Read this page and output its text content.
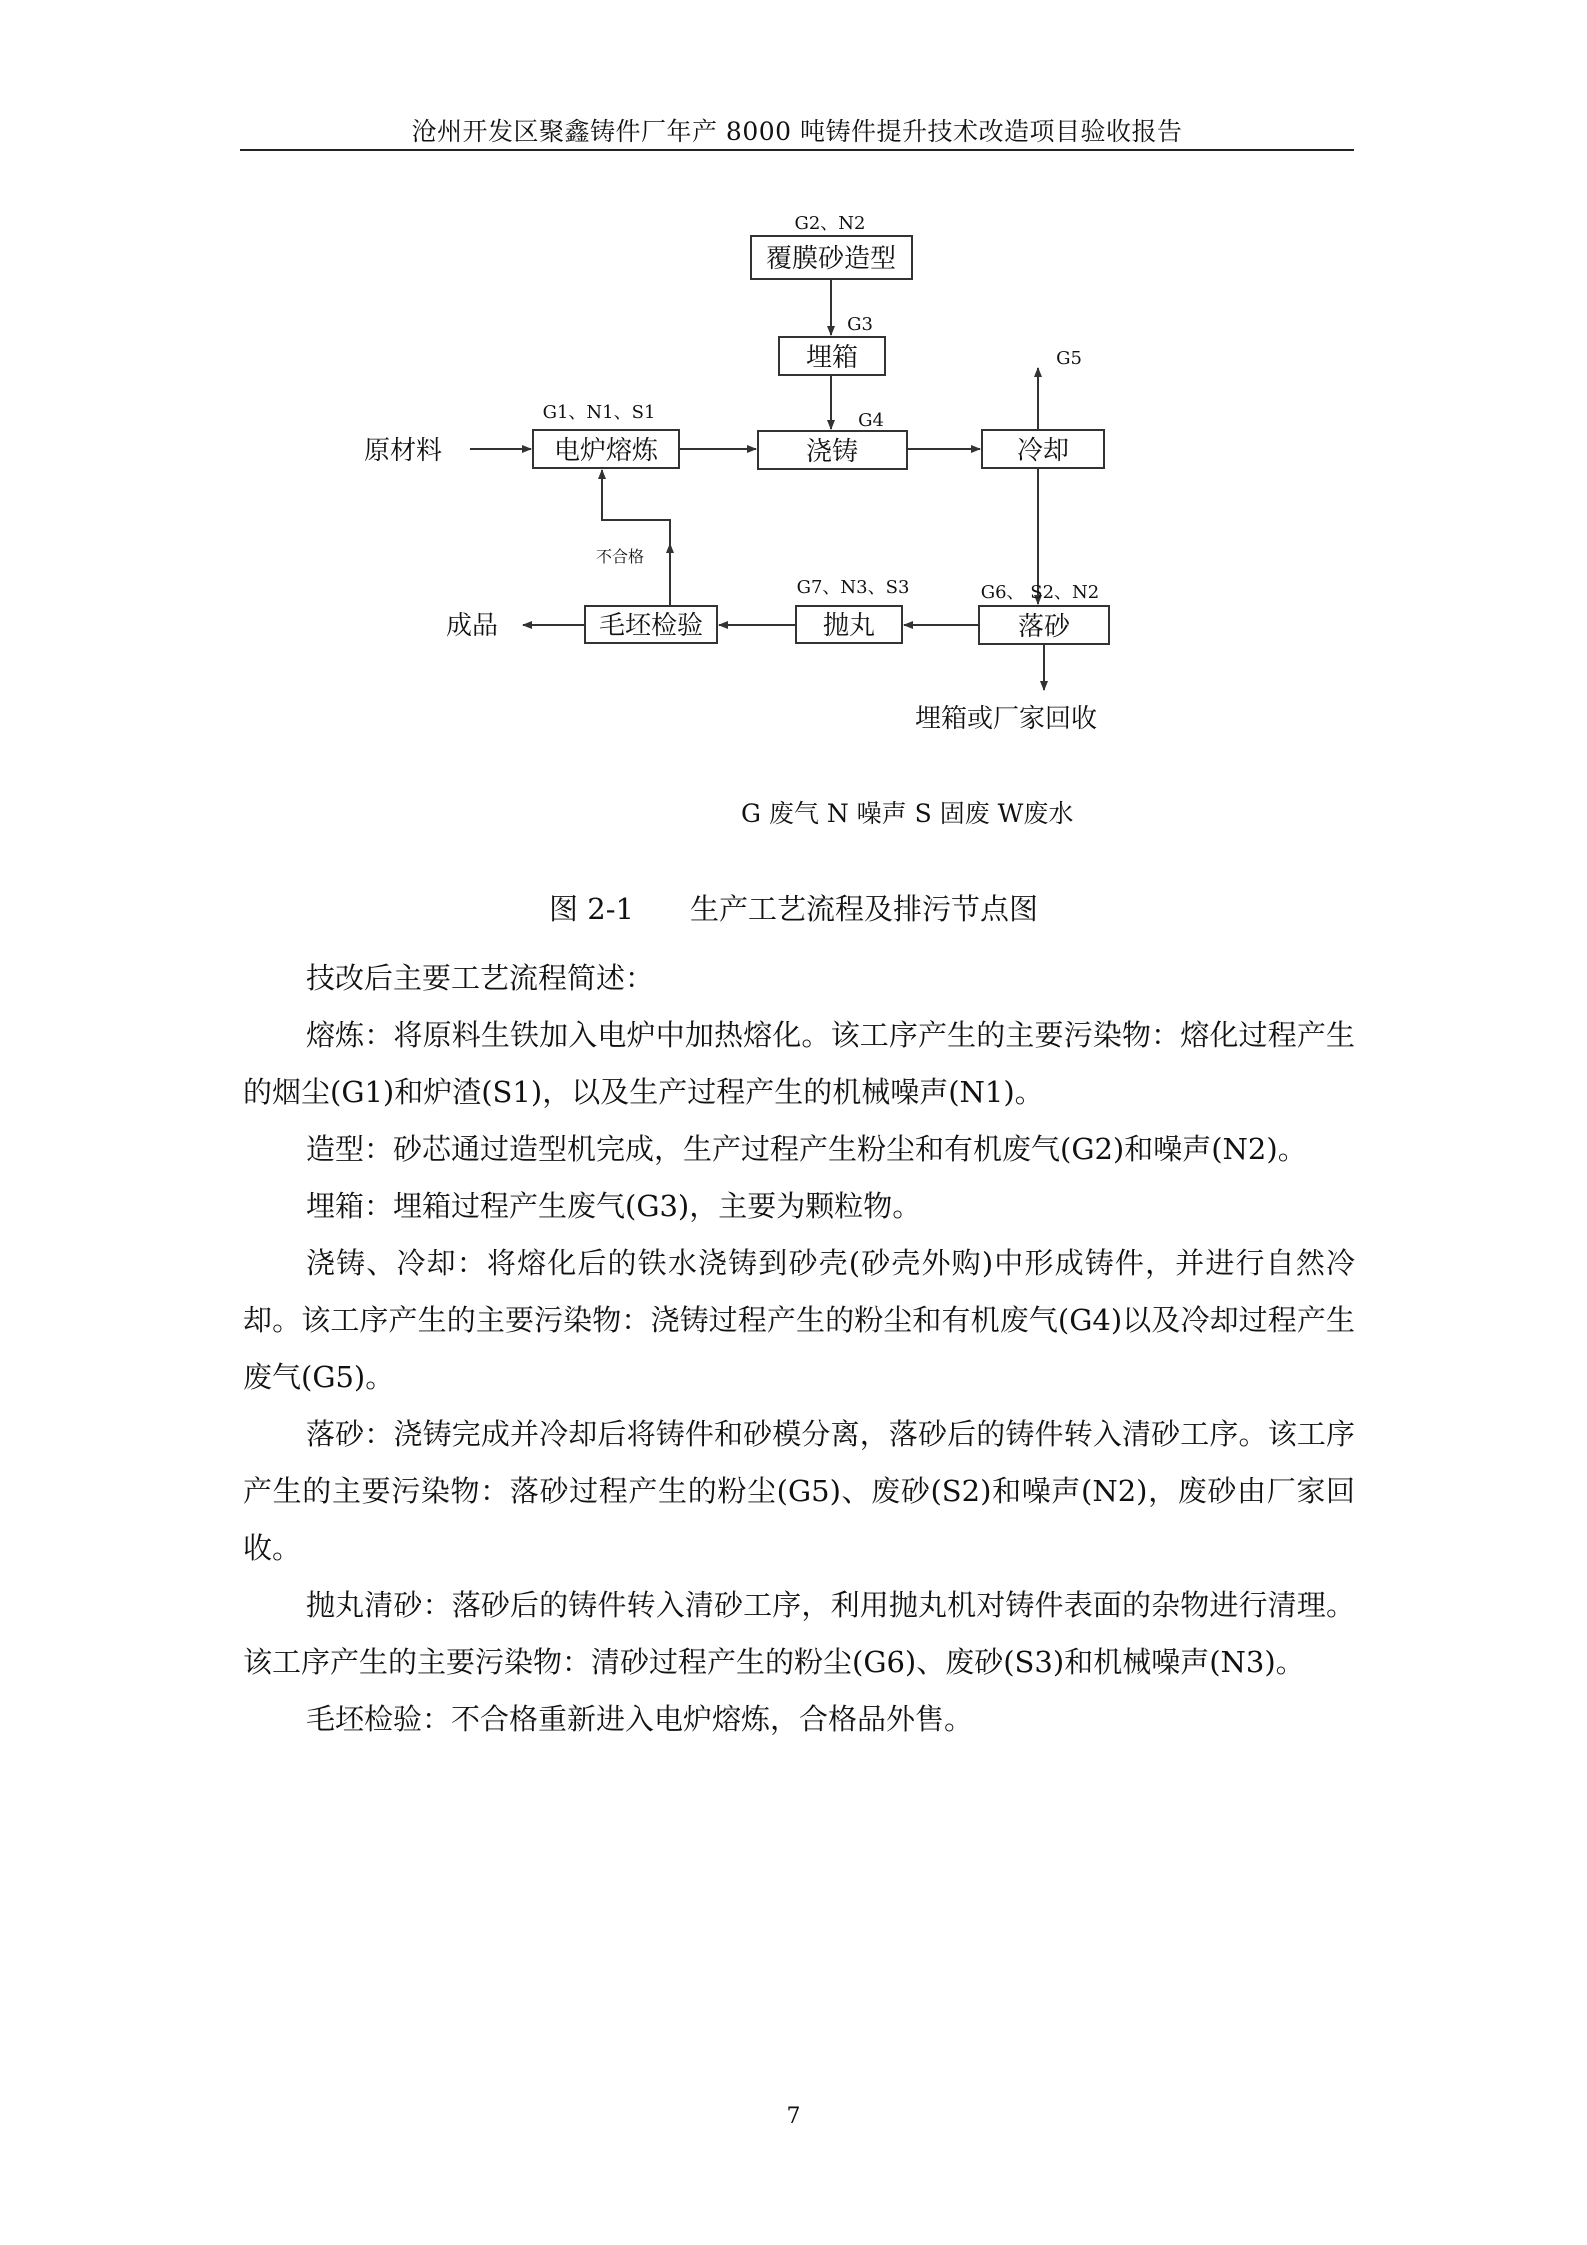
沧州开发区聚鑫铸件厂年产 8000 吨铸件提升技术改造项目验收报告
覆膜砂造型
埋箱
电炉熔炼	浇铸	冷却
落砂
抛丸
毛坯检验
G2、N2
G3
G5
G1、N1、S1	G4
G7、N3、S3	G6、 S2、N2
原材料
成品
埋箱或厂家回收
不合格
G 废气 N 噪声 S 固废 W废水
图 2-1 生产工艺流程及排污节点图

技改后主要工艺流程简述：

熔炼：将原料生铁加入电炉中加热熔化。该工序产生的主要污染物：熔化过程产生的烟尘(G1)和炉渣(S1)，以及生产过程产生的机械噪声(N1)。

造型：砂芯通过造型机完成，生产过程产生粉尘和有机废气(G2)和噪声(N2)。

埋箱：埋箱过程产生废气(G3)，主要为颗粒物。

浇铸、冷却：将熔化后的铁水浇铸到砂壳(砂壳外购)中形成铸件，并进行自然冷却。该工序产生的主要污染物：浇铸过程产生的粉尘和有机废气(G4)以及冷却过程产生废气(G5)。

落砂：浇铸完成并冷却后将铸件和砂模分离，落砂后的铸件转入清砂工序。该工序产生的主要污染物：落砂过程产生的粉尘(G5)、废砂(S2)和噪声(N2)，废砂由厂家回收。

抛丸清砂：落砂后的铸件转入清砂工序，利用抛丸机对铸件表面的杂物进行清理。该工序产生的主要污染物：清砂过程产生的粉尘(G6)、废砂(S3)和机械噪声(N3)。

毛坯检验：不合格重新进入电炉熔炼，合格品外售。

7
